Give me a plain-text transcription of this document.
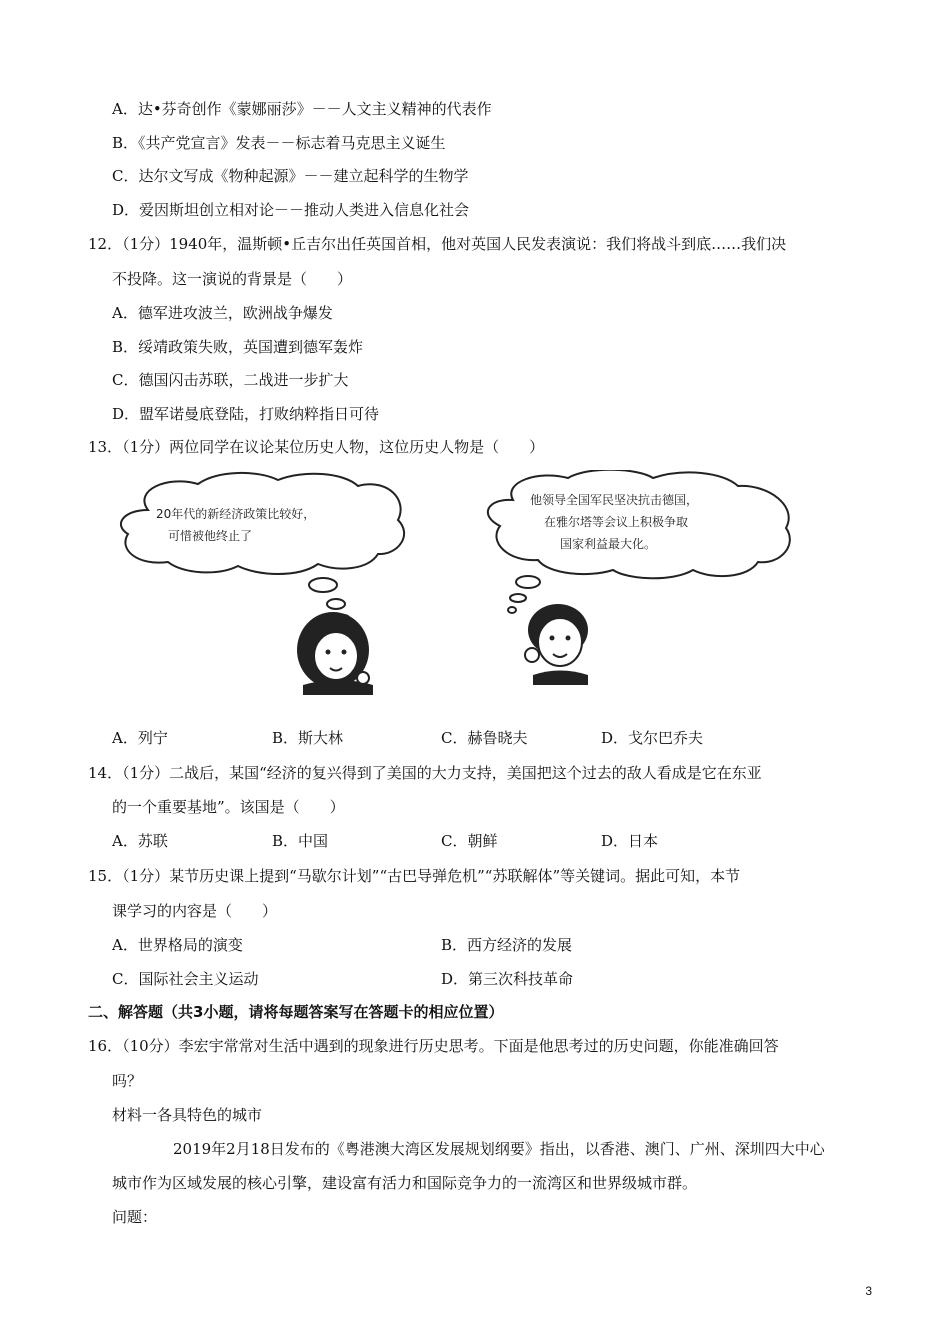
A．达•芬奇创作《蒙娜丽莎》－－人文主义精神的代表作
B．《共产党宣言》发表－－标志着马克思主义诞生
C．达尔文写成《物种起源》－－建立起科学的生物学
D．爱因斯坦创立相对论－－推动人类进入信息化社会
12．（1分）1940年，温斯顿•丘吉尔出任英国首相，他对英国人民发表演说：我们将战斗到底……我们决
不投降。这一演说的背景是（　　）
A．德军进攻波兰，欧洲战争爆发
B．绥靖政策失败，英国遭到德军轰炸
C．德国闪击苏联，二战进一步扩大
D．盟军诺曼底登陆，打败纳粹指日可待
13．（1分）两位同学在议论某位历史人物，这位历史人物是（　　）
20年代的新经济政策比较好，
可惜被他终止了
他领导全国军民坚决抗击德国，
在雅尔塔等会议上积极争取
国家利益最大化。
A．列宁	B．斯大林	C．赫鲁晓夫	D．戈尔巴乔夫
14．（1分）二战后，某国“经济的复兴得到了美国的大力支持，美国把这个过去的敌人看成是它在东亚
的一个重要基地”。该国是（　　）
A．苏联	B．中国	C．朝鲜	D．日本
15．（1分）某节历史课上提到“马歇尔计划”“古巴导弹危机”“苏联解体”等关键词。据此可知，本节
课学习的内容是（　　）
A．世界格局的演变	B．西方经济的发展
C．国际社会主义运动	D．第三次科技革命
二、解答题（共3小题，请将每题答案写在答题卡的相应位置）
16．（10分）李宏宇常常对生活中遇到的现象进行历史思考。下面是他思考过的历史问题，你能准确回答
吗？
材料一各具特色的城市
2019年2月18日发布的《粤港澳大湾区发展规划纲要》指出，以香港、澳门、广州、深圳四大中心
城市作为区域发展的核心引擎，建设富有活力和国际竞争力的一流湾区和世界级城市群。
问题：
3
